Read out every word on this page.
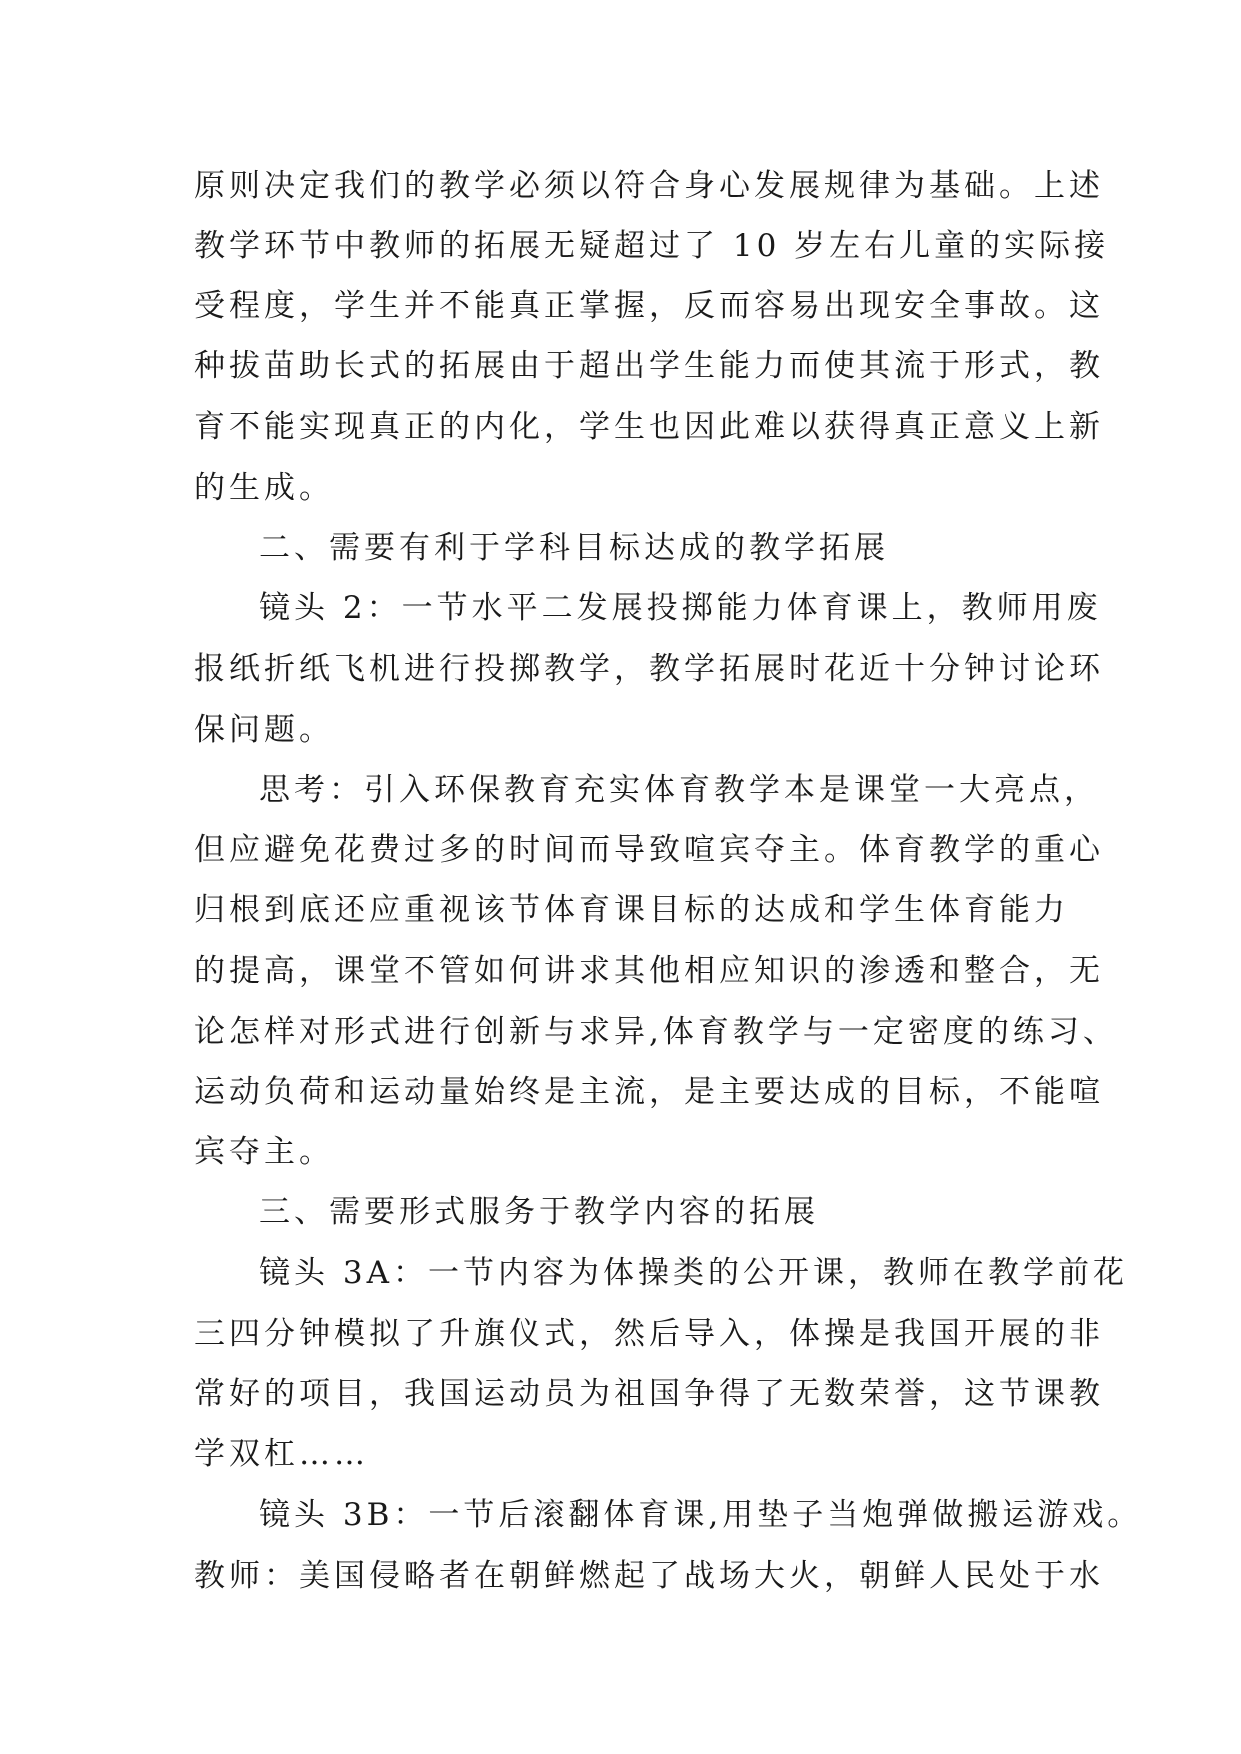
原则决定我们的教学必须以符合身心发展规律为基础。上述
教学环节中教师的拓展无疑超过了 10 岁左右儿童的实际接
受程度，学生并不能真正掌握，反而容易出现安全事故。这
种拔苗助长式的拓展由于超出学生能力而使其流于形式，教
育不能实现真正的内化，学生也因此难以获得真正意义上新
的生成。
二、需要有利于学科目标达成的教学拓展
镜头 2：一节水平二发展投掷能力体育课上，教师用废
报纸折纸飞机进行投掷教学，教学拓展时花近十分钟讨论环
保问题。
思考：引入环保教育充实体育教学本是课堂一大亮点，
但应避免花费过多的时间而导致喧宾夺主。体育教学的重心
归根到底还应重视该节体育课目标的达成和学生体育能力
的提高，课堂不管如何讲求其他相应知识的渗透和整合，无
论怎样对形式进行创新与求异,体育教学与一定密度的练习、
运动负荷和运动量始终是主流，是主要达成的目标，不能喧
宾夺主。
三、需要形式服务于教学内容的拓展
镜头 3A：一节内容为体操类的公开课，教师在教学前花
三四分钟模拟了升旗仪式，然后导入，体操是我国开展的非
常好的项目，我国运动员为祖国争得了无数荣誉，这节课教
学双杠……
镜头 3B：一节后滚翻体育课,用垫子当炮弹做搬运游戏。
教师：美国侵略者在朝鲜燃起了战场大火，朝鲜人民处于水
